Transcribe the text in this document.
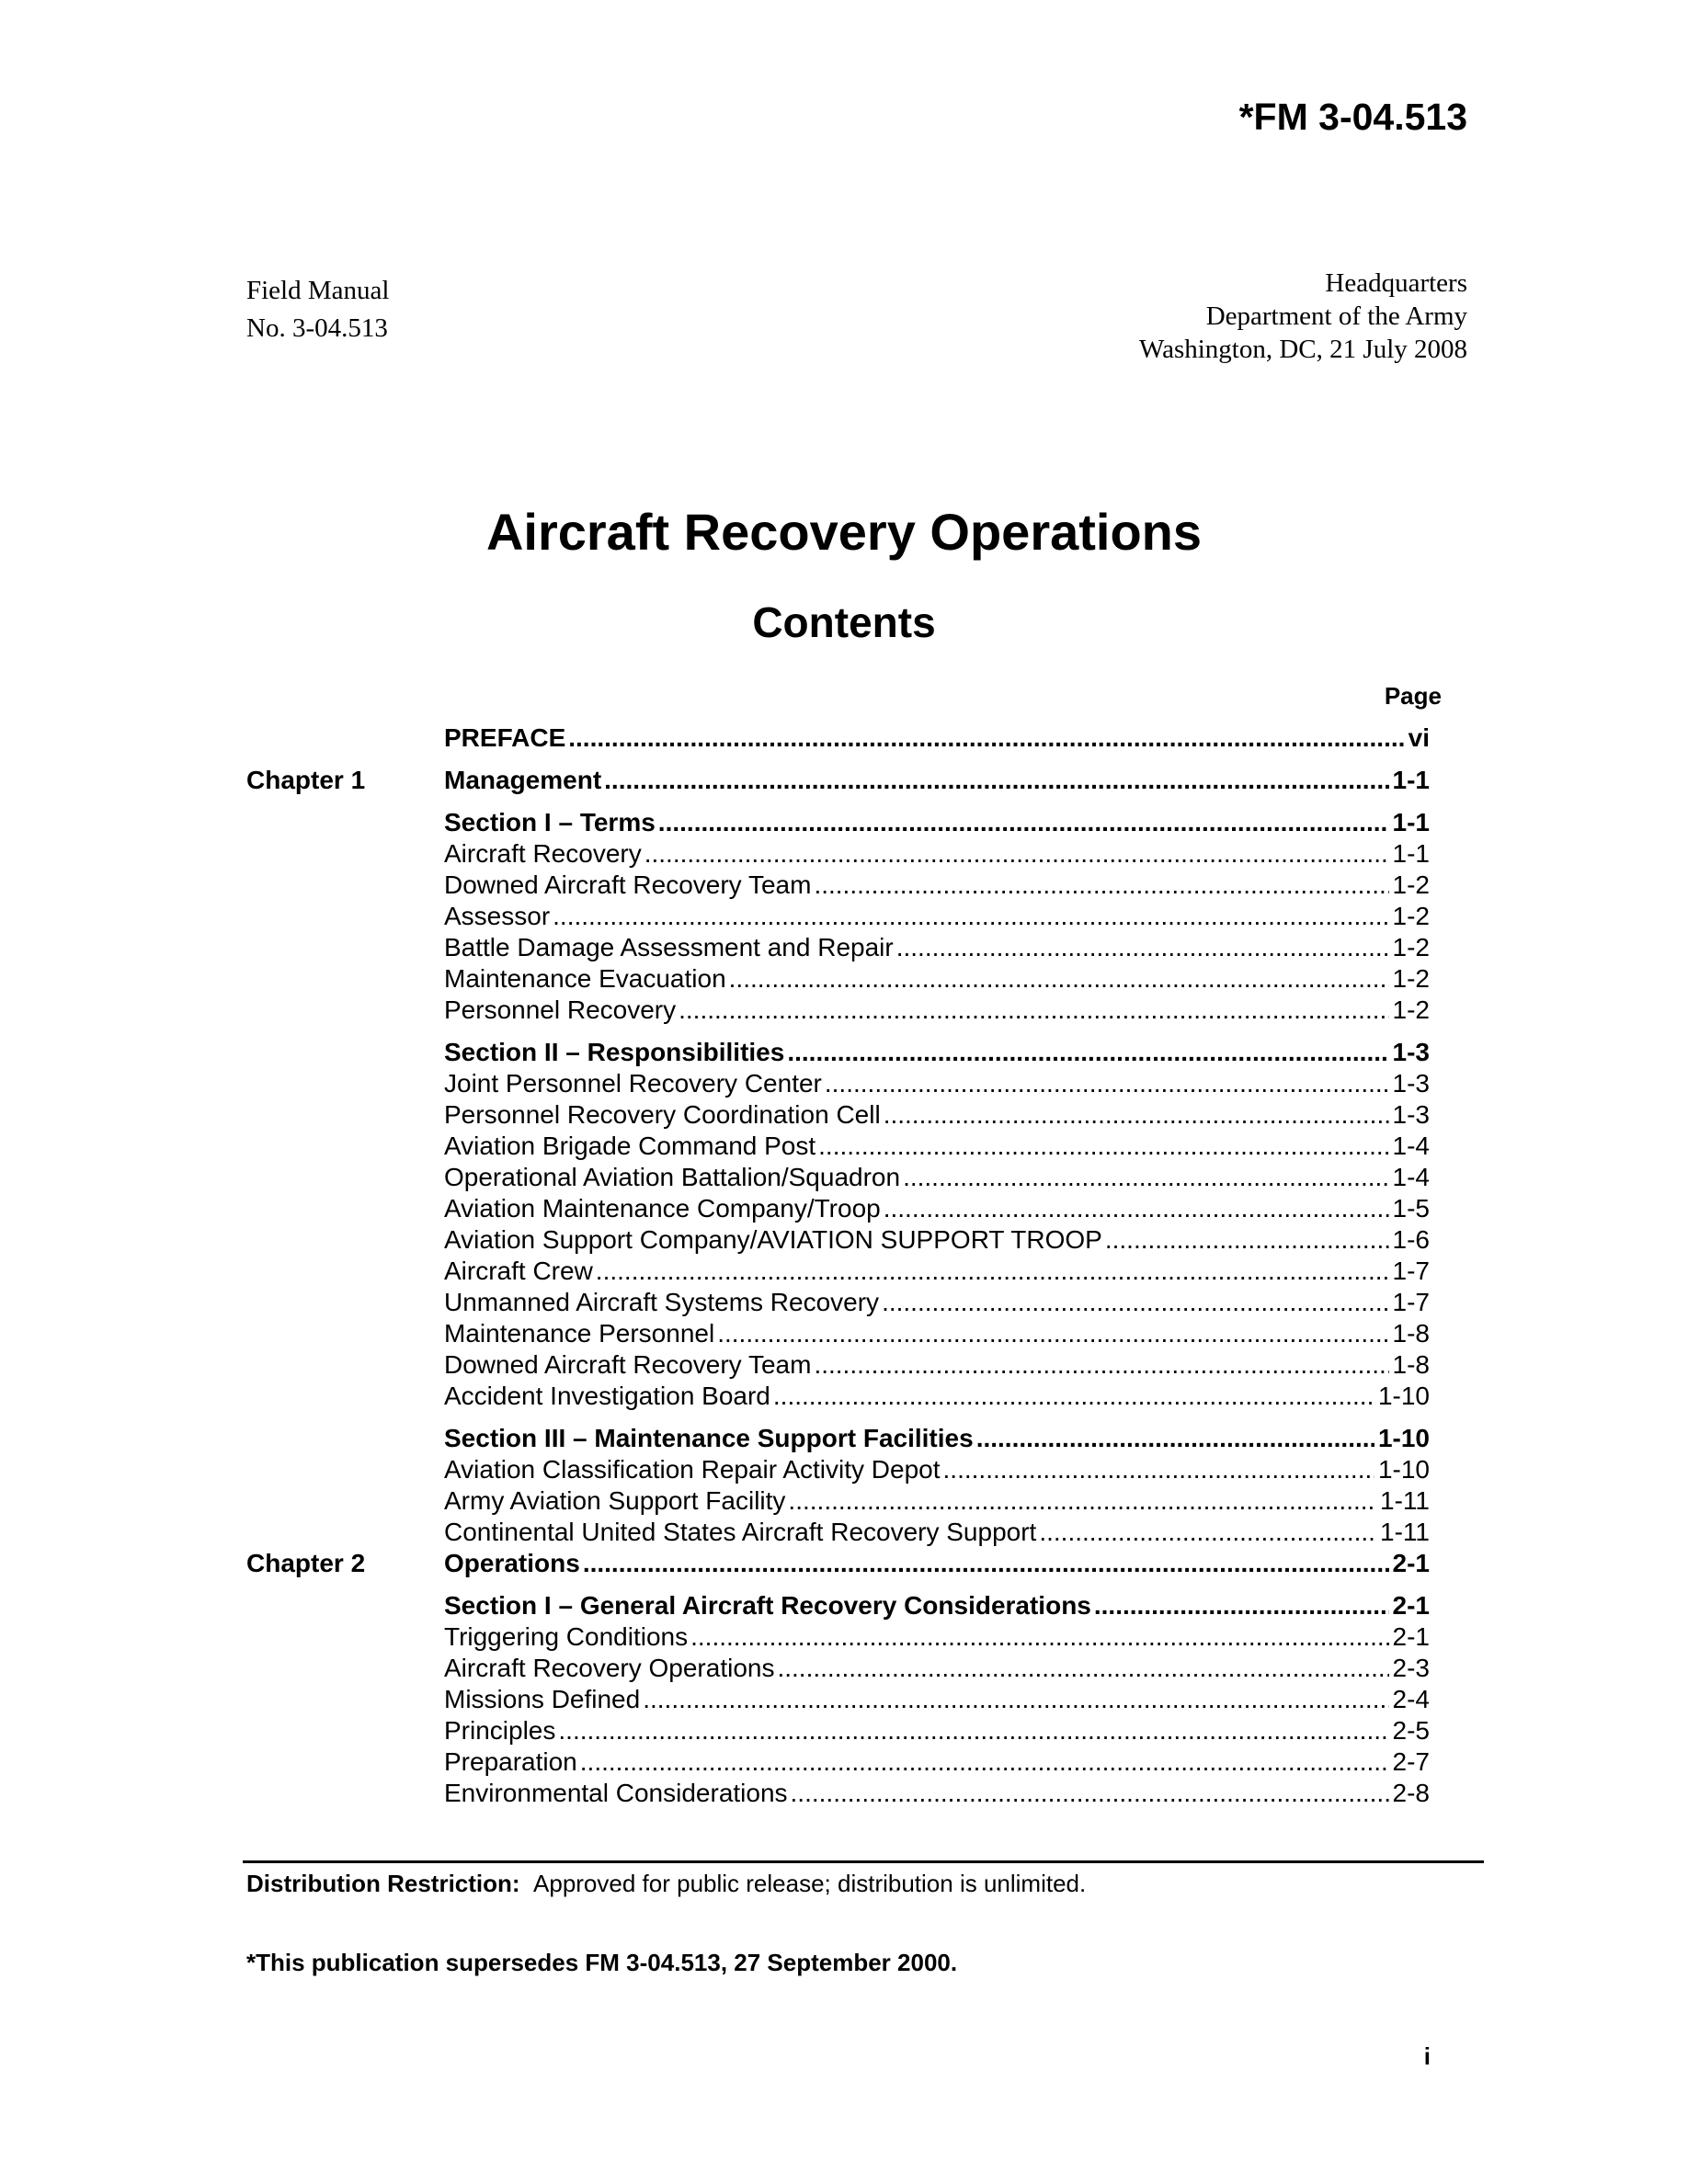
*FM 3-04.513
Field Manual
No. 3-04.513
Headquarters
Department of the Army
Washington, DC, 21 July 2008
Aircraft Recovery Operations
Contents
Page
PREFACE .....	vi
Chapter 1	Management .....	1-1
Section I – Terms .....	1-1
Aircraft Recovery .....	1-1
Downed Aircraft Recovery Team .....	1-2
Assessor .....	1-2
Battle Damage Assessment and Repair .....	1-2
Maintenance Evacuation .....	1-2
Personnel Recovery .....	1-2
Section II – Responsibilities .....	1-3
Joint Personnel Recovery Center .....	1-3
Personnel Recovery Coordination Cell .....	1-3
Aviation Brigade Command Post .....	1-4
Operational Aviation Battalion/Squadron .....	1-4
Aviation Maintenance Company/Troop .....	1-5
Aviation Support Company/AVIATION SUPPORT TROOP .....	1-6
Aircraft Crew .....	1-7
Unmanned Aircraft Systems Recovery .....	1-7
Maintenance Personnel .....	1-8
Downed Aircraft Recovery Team .....	1-8
Accident Investigation Board .....	1-10
Section III – Maintenance Support Facilities .....	1-10
Aviation Classification Repair Activity Depot .....	1-10
Army Aviation Support Facility .....	1-11
Continental United States Aircraft Recovery Support .....	1-11
Chapter 2	Operations .....	2-1
Section I – General Aircraft Recovery Considerations .....	2-1
Triggering Conditions .....	2-1
Aircraft Recovery Operations .....	2-3
Missions Defined .....	2-4
Principles .....	2-5
Preparation .....	2-7
Environmental Considerations .....	2-8
Distribution Restriction: Approved for public release; distribution is unlimited.
*This publication supersedes FM 3-04.513, 27 September 2000.
i
